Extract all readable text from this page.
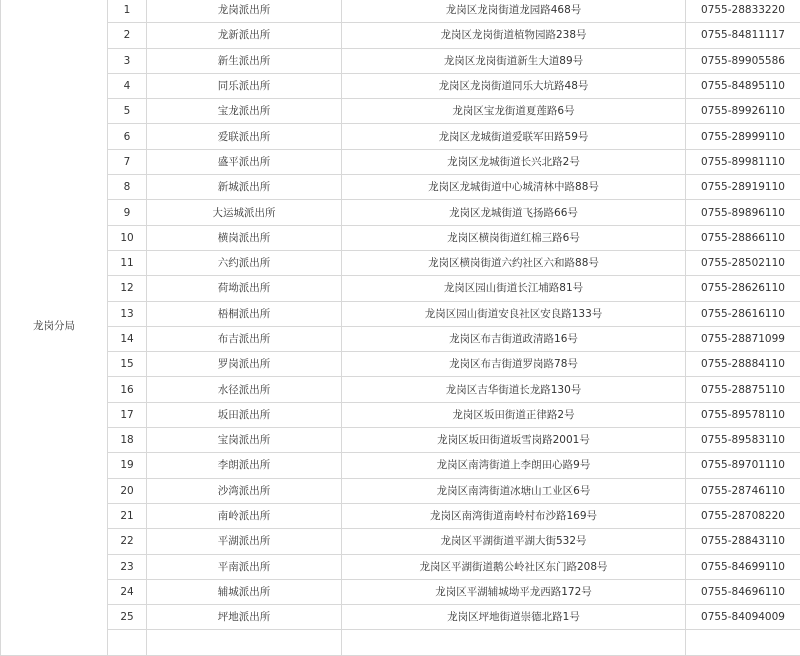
龙岗分局	1	龙岗派出所	龙岗区龙岗街道龙园路468号	0755-28833220
	2	龙新派出所	龙岗区龙岗街道植物园路238号	0755-84811117
	3	新生派出所	龙岗区龙岗街道新生大道89号	0755-89905586
	4	同乐派出所	龙岗区龙岗街道同乐大坑路48号	0755-84895110
	5	宝龙派出所	龙岗区宝龙街道夏莲路6号	0755-89926110
	6	爱联派出所	龙岗区龙城街道爱联军田路59号	0755-28999110
	7	盛平派出所	龙岗区龙城街道长兴北路2号	0755-89981110
	8	新城派出所	龙岗区龙城街道中心城清林中路88号	0755-28919110
	9	大运城派出所	龙岗区龙城街道飞扬路66号	0755-89896110
	10	横岗派出所	龙岗区横岗街道红棉三路6号	0755-28866110
	11	六约派出所	龙岗区横岗街道六约社区六和路88号	0755-28502110
	12	荷坳派出所	龙岗区园山街道长江埔路81号	0755-28626110
	13	梧桐派出所	龙岗区园山街道安良社区安良路133号	0755-28616110
	14	布吉派出所	龙岗区布吉街道政清路16号	0755-28871099
	15	罗岗派出所	龙岗区布吉街道罗岗路78号	0755-28884110
	16	水径派出所	龙岗区吉华街道长龙路130号	0755-28875110
	17	坂田派出所	龙岗区坂田街道正律路2号	0755-89578110
	18	宝岗派出所	龙岗区坂田街道坂雪岗路2001号	0755-89583110
	19	李朗派出所	龙岗区南湾街道上李朗田心路9号	0755-89701110
	20	沙湾派出所	龙岗区南湾街道冰塘山工业区6号	0755-28746110
	21	南岭派出所	龙岗区南湾街道南岭村布沙路169号	0755-28708220
	22	平湖派出所	龙岗区平湖街道平湖大街532号	0755-28843110
	23	平南派出所	龙岗区平湖街道鹅公岭社区东门路208号	0755-84699110
	24	辅城派出所	龙岗区平湖辅城坳平龙西路172号	0755-84696110
	25	坪地派出所	龙岗区坪地街道崇德北路1号	0755-84094009
